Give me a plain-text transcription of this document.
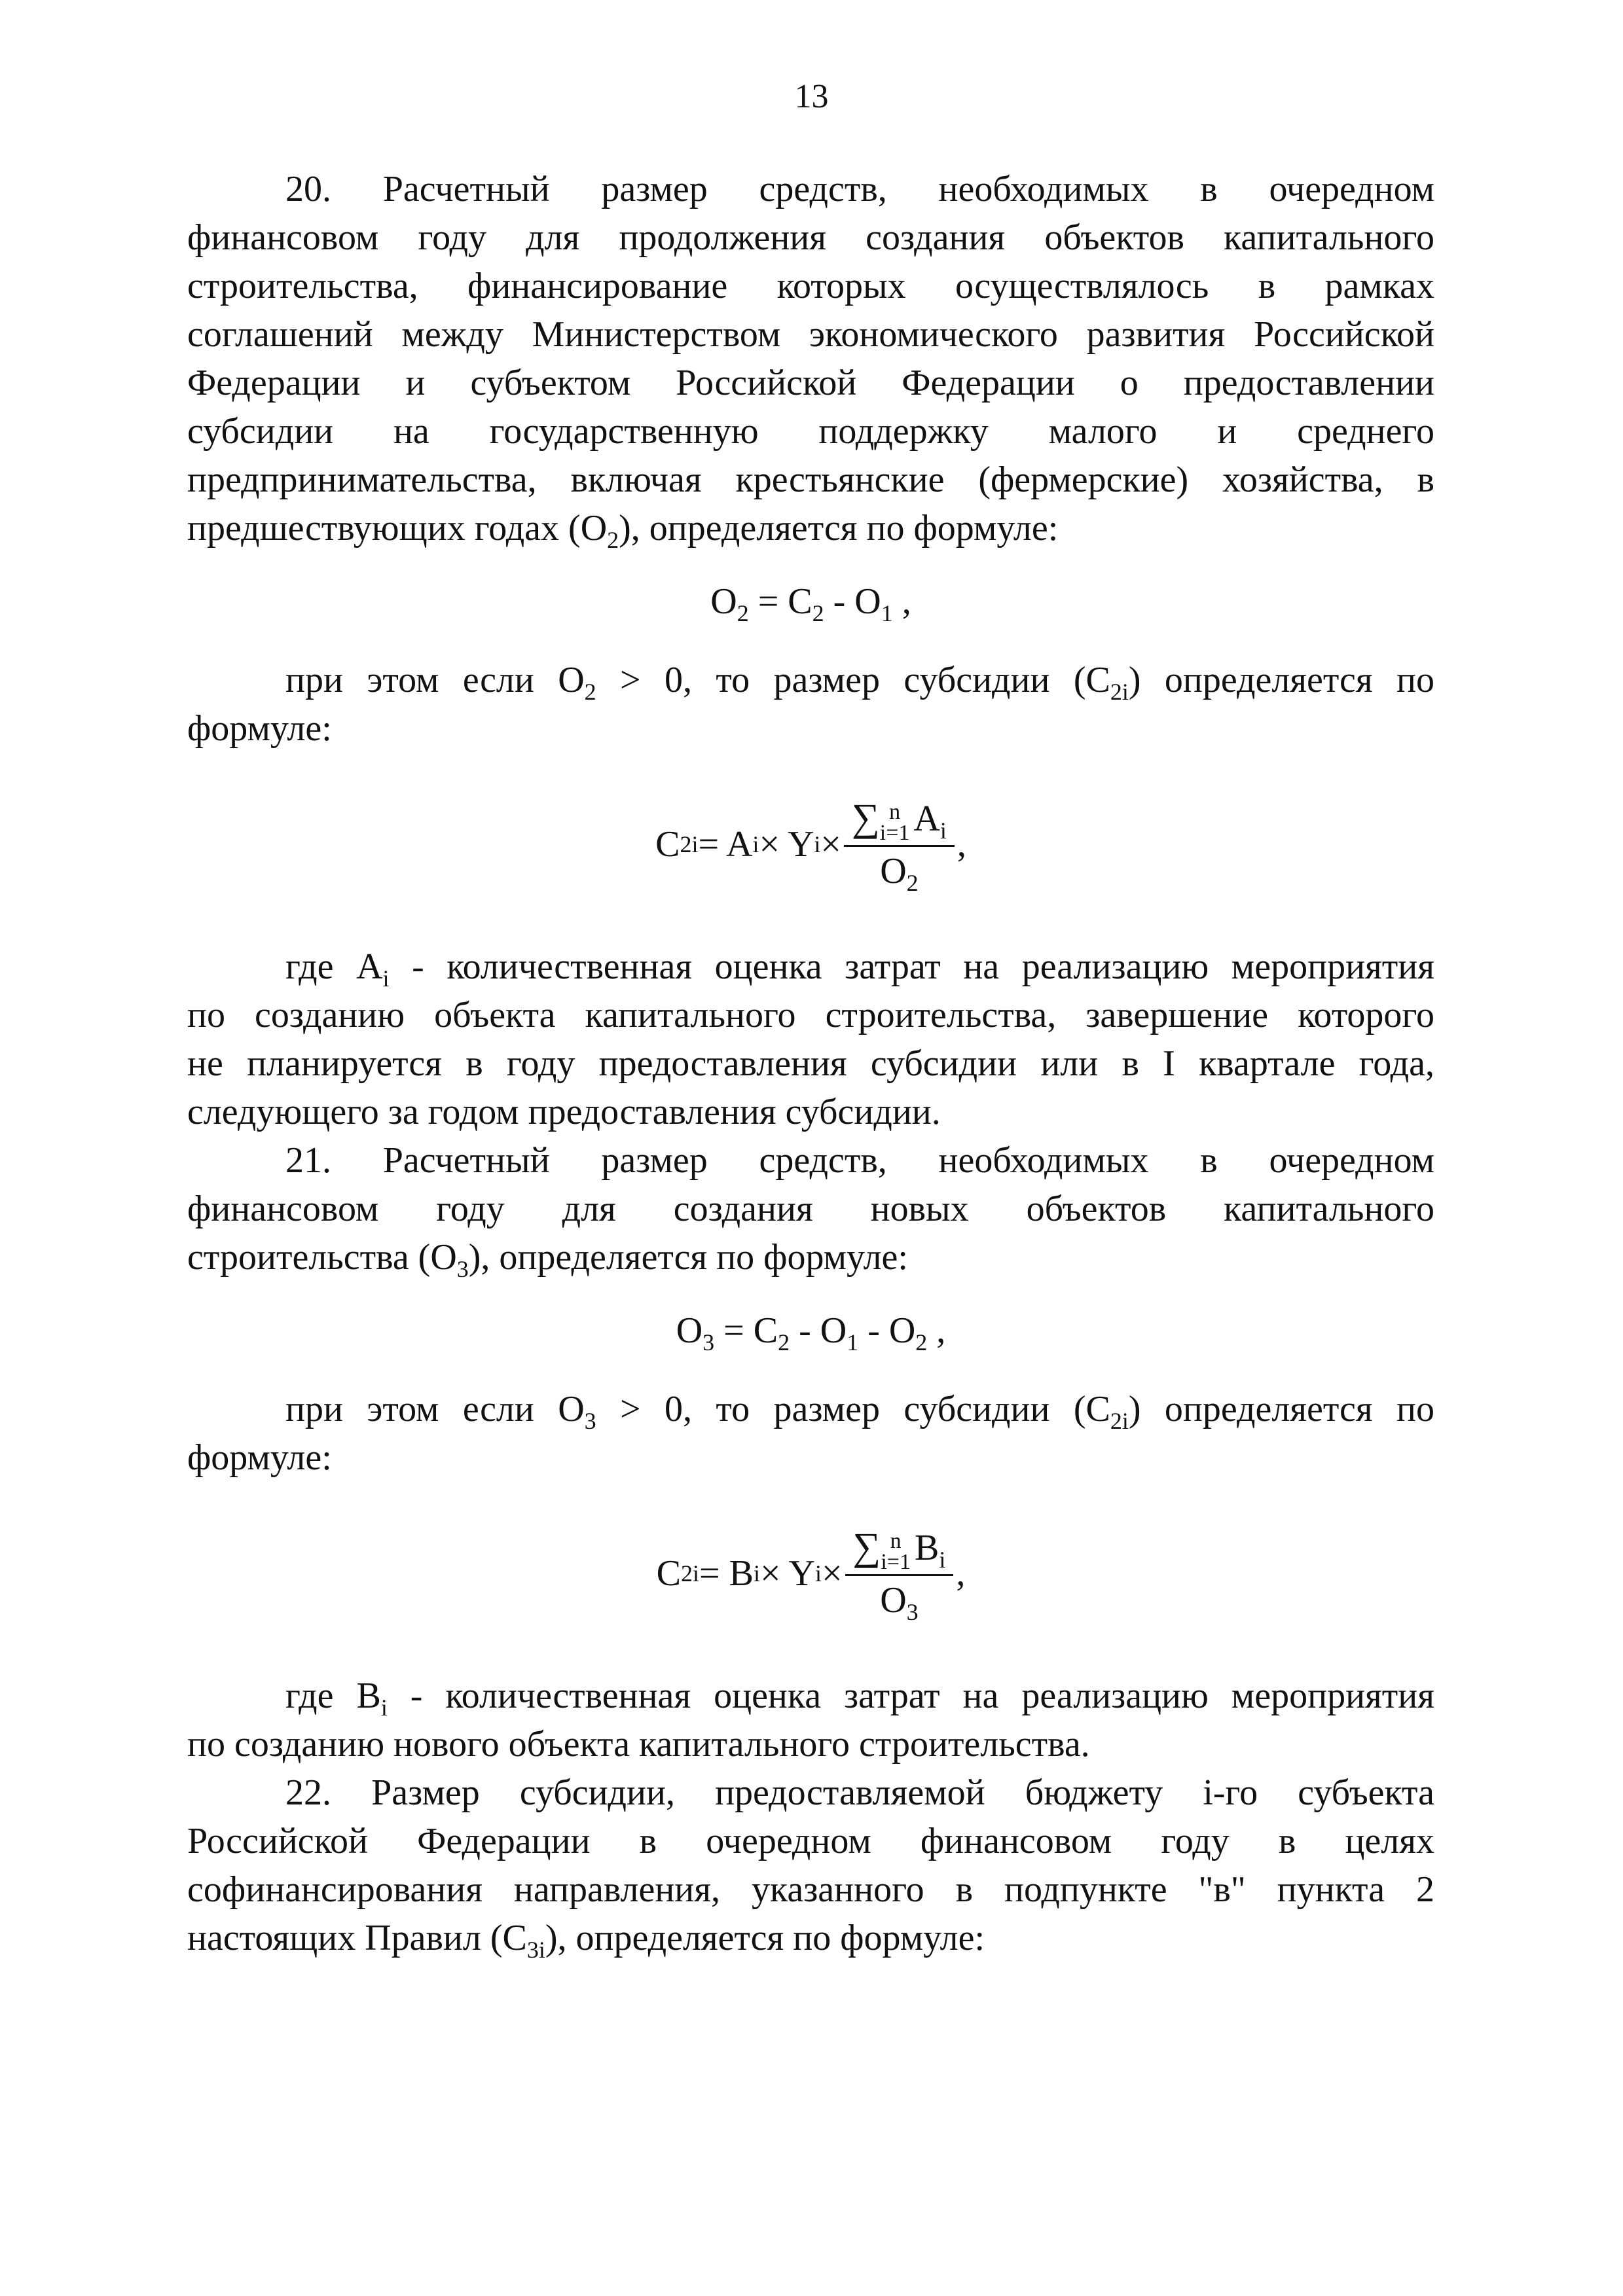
13

20. Расчетный размер средств, необходимых в очередном

финансовом году для продолжения создания объектов капитального

строительства, финансирование которых осуществлялось в рамках

соглашений между Министерством экономического развития Российской

Федерации и субъектом Российской Федерации о предоставлении

субсидии на государственную поддержку малого и среднего

предпринимательства, включая крестьянские (фермерские) хозяйства, в

предшествующих годах $(O_2)$, определяется по формуле:

$O_2 = C_2 - O_1$ ,

при этом если $O_2 > 0$, то размер субсидии $(C_{2i})$ определяется по

формуле:

C 2i = A i × Y i × ∑ n
i=1 $A_i$
$O_2$ ,

где $A_i$ - количественная оценка затрат на реализацию мероприятия

по созданию объекта капитального строительства, завершение которого

не планируется в году предоставления субсидии или в I квартале года,

следующего за годом предоставления субсидии.

21. Расчетный размер средств, необходимых в очередном

финансовом году для создания новых объектов капитального

строительства $(O_3)$, определяется по формуле:

$O_3 = C_2 - O_1 - O_2$ ,

при этом если $O_3 > 0$, то размер субсидии $(C_{2i})$ определяется по

формуле:

C 2i = B i × Y i × ∑ n
i=1 $B_i$
$O_3$ ,

где $B_i$ - количественная оценка затрат на реализацию мероприятия

по созданию нового объекта капитального строительства.

22. Размер субсидии, предоставляемой бюджету i-го субъекта

Российской Федерации в очередном финансовом году в целях

софинансирования направления, указанного в подпункте "в" пункта 2

настоящих Правил $(C_{3i})$, определяется по формуле:
